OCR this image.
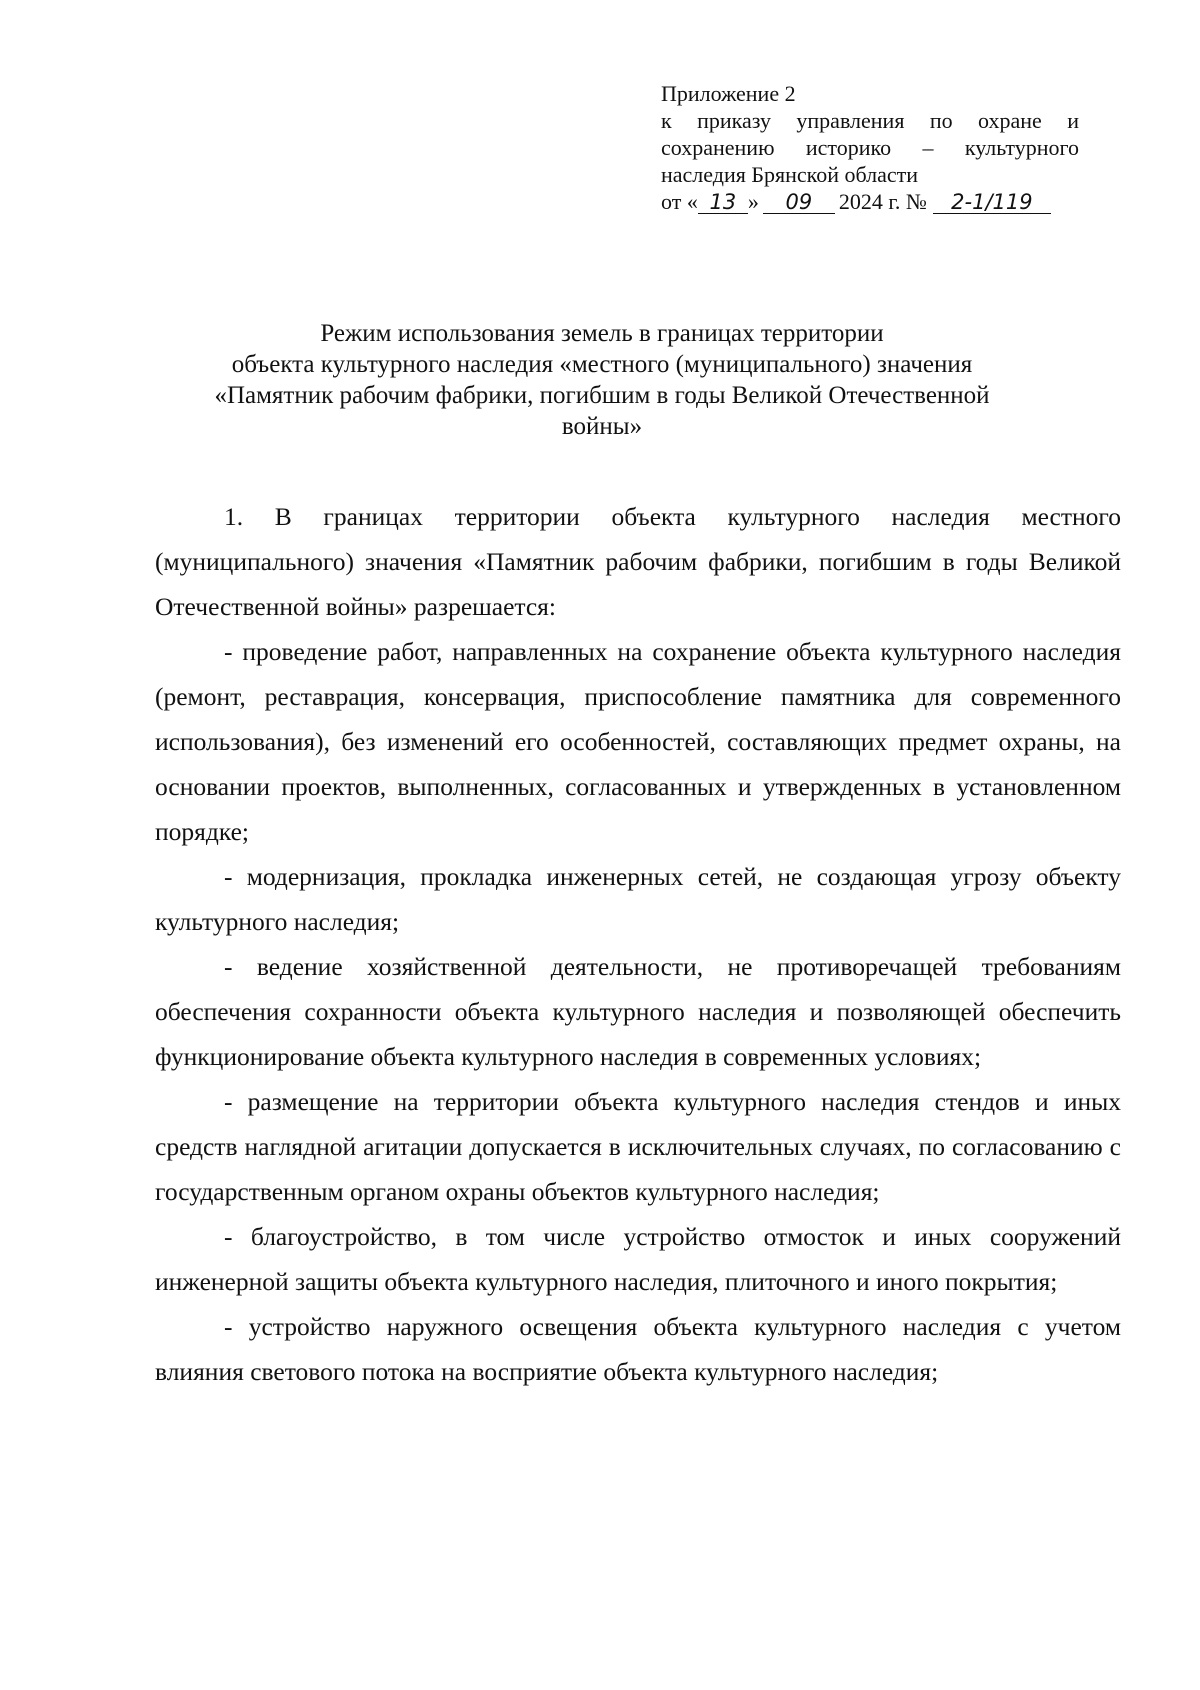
Приложение 2
к приказу управления по охране и
сохранению историко – культурного
наследия Брянской области
от « 13 » 09 2024 г. № 2-1/119
Режим использования земель в границах территории
объекта культурного наследия «местного (муниципального) значения
«Памятник рабочим фабрики, погибшим в годы Великой Отечественной
войны»

1. В границах территории объекта культурного наследия местного (муниципального) значения «Памятник рабочим фабрики, погибшим в годы Великой Отечественной войны» разрешается:

- проведение работ, направленных на сохранение объекта культурного наследия (ремонт, реставрация, консервация, приспособление памятника для современного использования), без изменений его особенностей, составляющих предмет охраны, на основании проектов, выполненных, согласованных и утвержденных в установленном порядке;

- модернизация, прокладка инженерных сетей, не создающая угрозу объекту культурного наследия;

- ведение хозяйственной деятельности, не противоречащей требованиям обеспечения сохранности объекта культурного наследия и позволяющей обеспечить функционирование объекта культурного наследия в современных условиях;

- размещение на территории объекта культурного наследия стендов и иных средств наглядной агитации допускается в исключительных случаях, по согласованию с государственным органом охраны объектов культурного наследия;

- благоустройство, в том числе устройство отмосток и иных сооружений инженерной защиты объекта культурного наследия, плиточного и иного покрытия;

- устройство наружного освещения объекта культурного наследия с учетом влияния светового потока на восприятие объекта культурного наследия;
